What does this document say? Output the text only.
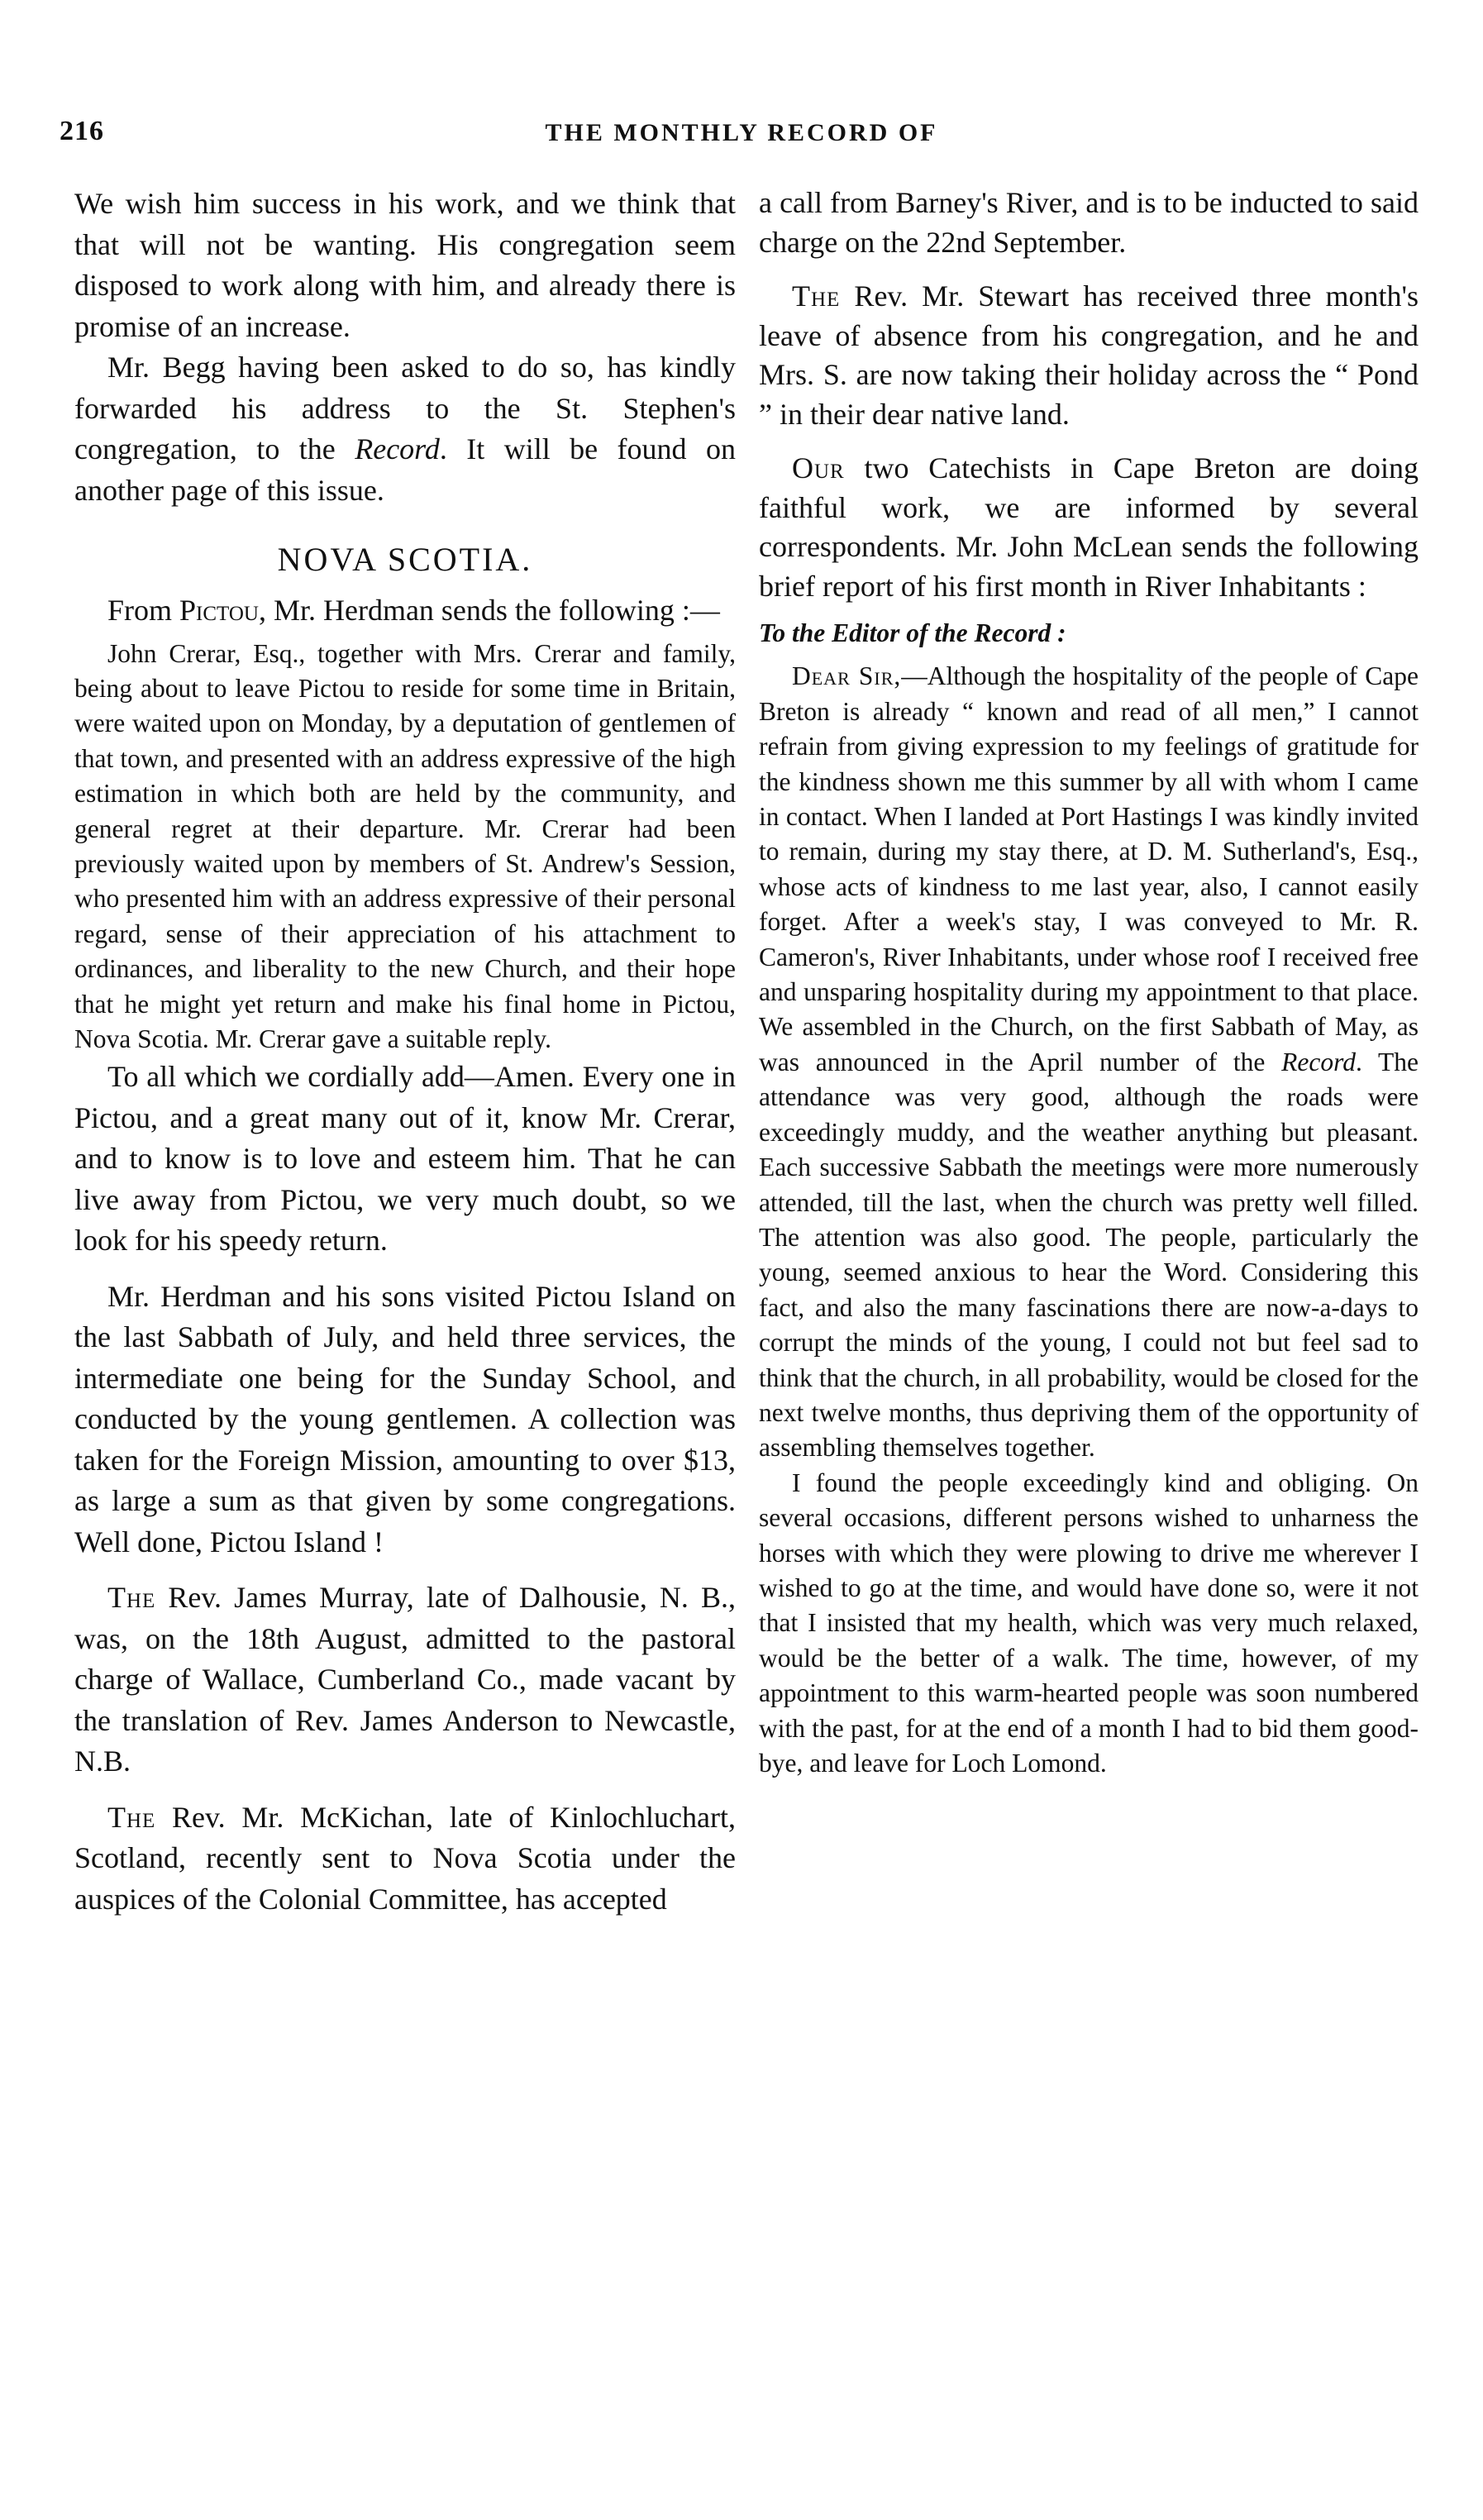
216	THE MONTHLY RECORD OF

We wish him success in his work, and we think that that will not be wanting. His congregation seem disposed to work along with him, and already there is promise of an increase.

Mr. Begg having been asked to do so, has kindly forwarded his address to the St. Stephen's congregation, to the Record. It will be found on another page of this issue.

NOVA SCOTIA.

From Pictou, Mr. Herdman sends the following :—

John Crerar, Esq., together with Mrs. Crerar and family, being about to leave Pictou to reside for some time in Britain, were waited upon on Monday, by a deputation of gentlemen of that town, and presented with an address expressive of the high estimation in which both are held by the community, and general regret at their departure. Mr. Crerar had been previously waited upon by members of St. Andrew's Session, who presented him with an address expressive of their personal regard, sense of their appreciation of his attachment to ordinances, and liberality to the new Church, and their hope that he might yet return and make his final home in Pictou, Nova Scotia. Mr. Crerar gave a suitable reply.

To all which we cordially add—Amen. Every one in Pictou, and a great many out of it, know Mr. Crerar, and to know is to love and esteem him. That he can live away from Pictou, we very much doubt, so we look for his speedy return.

Mr. Herdman and his sons visited Pictou Island on the last Sabbath of July, and held three services, the intermediate one being for the Sunday School, and conducted by the young gentlemen. A collection was taken for the Foreign Mission, amounting to over $13, as large a sum as that given by some congregations. Well done, Pictou Island !

The Rev. James Murray, late of Dalhousie, N. B., was, on the 18th August, admitted to the pastoral charge of Wallace, Cumberland Co., made vacant by the translation of Rev. James Anderson to Newcastle, N.B.

The Rev. Mr. McKichan, late of Kinlochluchart, Scotland, recently sent to Nova Scotia under the auspices of the Colonial Committee, has accepted

a call from Barney's River, and is to be inducted to said charge on the 22nd September.

The Rev. Mr. Stewart has received three month's leave of absence from his congregation, and he and Mrs. S. are now taking their holiday across the “ Pond ” in their dear native land.

Our two Catechists in Cape Breton are doing faithful work, we are informed by several correspondents. Mr. John McLean sends the following brief report of his first month in River Inhabitants :

To the Editor of the Record :

Dear Sir,—Although the hospitality of the people of Cape Breton is already “ known and read of all men,” I cannot refrain from giving expression to my feelings of gratitude for the kindness shown me this summer by all with whom I came in contact. When I landed at Port Hastings I was kindly invited to remain, during my stay there, at D. M. Sutherland's, Esq., whose acts of kindness to me last year, also, I cannot easily forget. After a week's stay, I was conveyed to Mr. R. Cameron's, River Inhabitants, under whose roof I received free and unsparing hospitality during my appointment to that place. We assembled in the Church, on the first Sabbath of May, as was announced in the April number of the Record. The attendance was very good, although the roads were exceedingly muddy, and the weather anything but pleasant. Each successive Sabbath the meetings were more numerously attended, till the last, when the church was pretty well filled. The attention was also good. The people, particularly the young, seemed anxious to hear the Word. Considering this fact, and also the many fascinations there are now-a-days to corrupt the minds of the young, I could not but feel sad to think that the church, in all probability, would be closed for the next twelve months, thus depriving them of the opportunity of assembling themselves together.

I found the people exceedingly kind and obliging. On several occasions, different persons wished to unharness the horses with which they were plowing to drive me wherever I wished to go at the time, and would have done so, were it not that I insisted that my health, which was very much relaxed, would be the better of a walk. The time, however, of my appointment to this warm-hearted people was soon numbered with the past, for at the end of a month I had to bid them good-bye, and leave for Loch Lomond.
